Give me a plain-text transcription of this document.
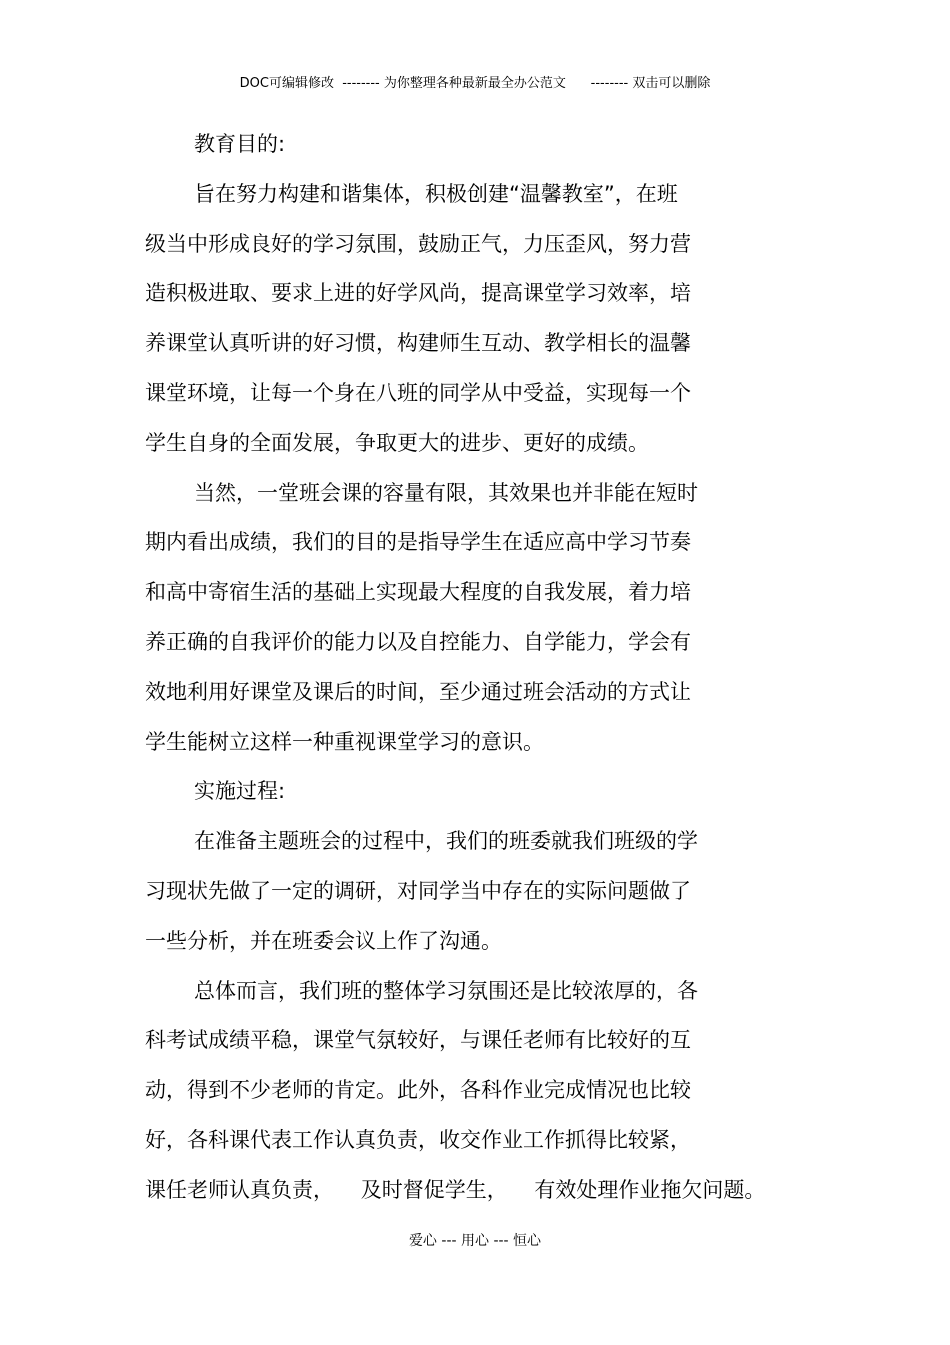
DOC可编辑修改  -------- 为你整理各种最新最全办公范文      -------- 双击可以删除
教育目的:
旨在努力构建和谐集体，积极创建“温馨教室”，在班
级当中形成良好的学习氛围，鼓励正气，力压歪风，努力营
造积极进取、要求上进的好学风尚，提高课堂学习效率，培
养课堂认真听讲的好习惯，构建师生互动、教学相长的温馨
课堂环境，让每一个身在八班的同学从中受益，实现每一个
学生自身的全面发展，争取更大的进步、更好的成绩。
当然，一堂班会课的容量有限，其效果也并非能在短时
期内看出成绩，我们的目的是指导学生在适应高中学习节奏
和高中寄宿生活的基础上实现最大程度的自我发展，着力培
养正确的自我评价的能力以及自控能力、自学能力，学会有
效地利用好课堂及课后的时间，至少通过班会活动的方式让
学生能树立这样一种重视课堂学习的意识。
实施过程:
在准备主题班会的过程中，我们的班委就我们班级的学
习现状先做了一定的调研，对同学当中存在的实际问题做了
一些分析，并在班委会议上作了沟通。
总体而言，我们班的整体学习氛围还是比较浓厚的，各
科考试成绩平稳，课堂气氛较好，与课任老师有比较好的互
动，得到不少老师的肯定。此外，各科作业完成情况也比较
好，各科课代表工作认真负责，收交作业工作抓得比较紧，
课任老师认真负责，    及时督促学生，    有效处理作业拖欠问题。
爱心 --- 用心 --- 恒心
